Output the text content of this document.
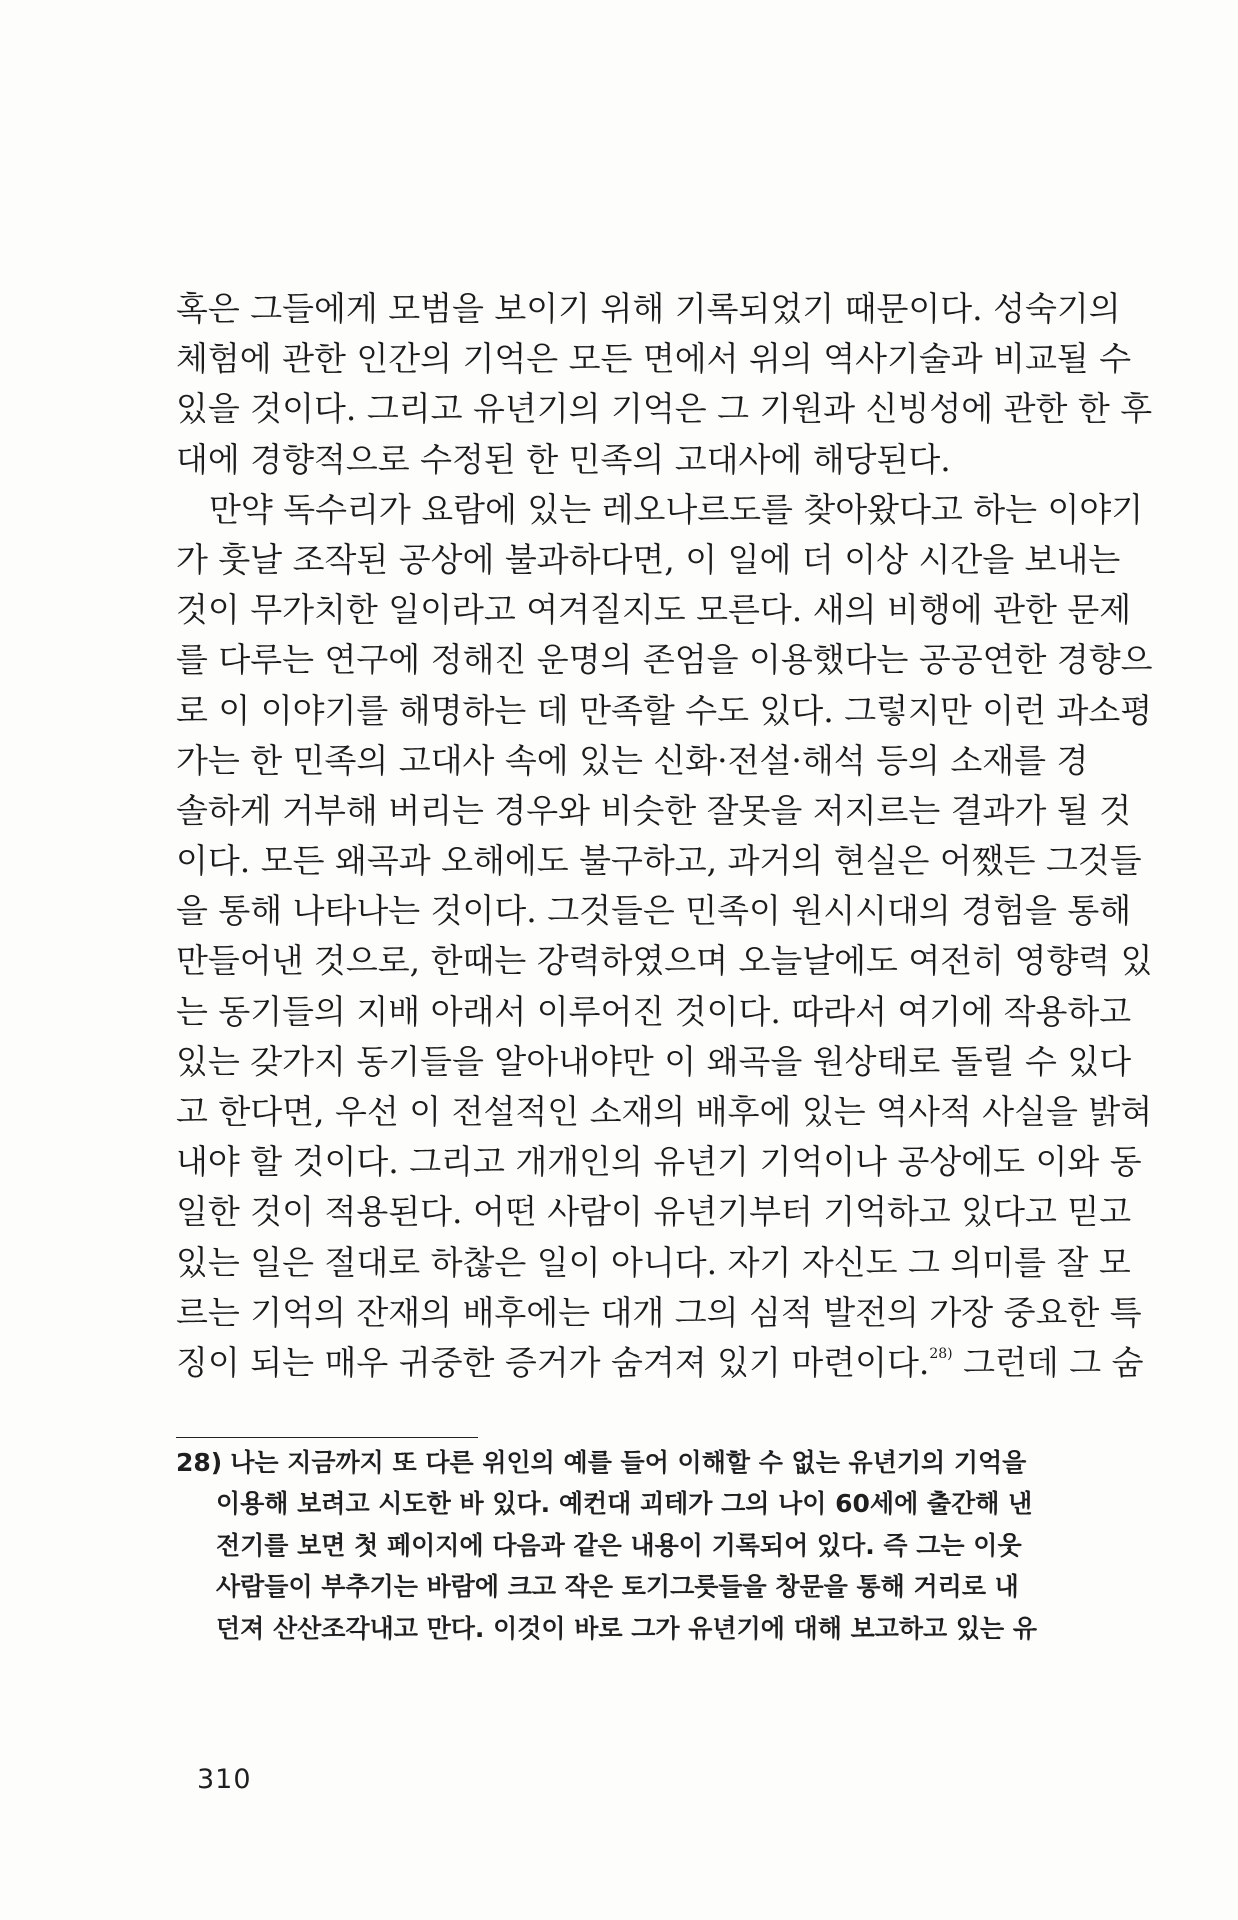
혹은 그들에게 모범을 보이기 위해 기록되었기 때문이다. 성숙기의
체험에 관한 인간의 기억은 모든 면에서 위의 역사기술과 비교될 수
있을 것이다. 그리고 유년기의 기억은 그 기원과 신빙성에 관한 한 후
대에 경향적으로 수정된 한 민족의 고대사에 해당된다.
만약 독수리가 요람에 있는 레오나르도를 찾아왔다고 하는 이야기
가 훗날 조작된 공상에 불과하다면, 이 일에 더 이상 시간을 보내는
것이 무가치한 일이라고 여겨질지도 모른다. 새의 비행에 관한 문제
를 다루는 연구에 정해진 운명의 존엄을 이용했다는 공공연한 경향으
로 이 이야기를 해명하는 데 만족할 수도 있다. 그렇지만 이런 과소평
가는 한 민족의 고대사 속에 있는 신화·전설·해석 등의 소재를 경
솔하게 거부해 버리는 경우와 비슷한 잘못을 저지르는 결과가 될 것
이다. 모든 왜곡과 오해에도 불구하고, 과거의 현실은 어쨌든 그것들
을 통해 나타나는 것이다. 그것들은 민족이 원시시대의 경험을 통해
만들어낸 것으로, 한때는 강력하였으며 오늘날에도 여전히 영향력 있
는 동기들의 지배 아래서 이루어진 것이다. 따라서 여기에 작용하고
있는 갖가지 동기들을 알아내야만 이 왜곡을 원상태로 돌릴 수 있다
고 한다면, 우선 이 전설적인 소재의 배후에 있는 역사적 사실을 밝혀
내야 할 것이다. 그리고 개개인의 유년기 기억이나 공상에도 이와 동
일한 것이 적용된다. 어떤 사람이 유년기부터 기억하고 있다고 믿고
있는 일은 절대로 하찮은 일이 아니다. 자기 자신도 그 의미를 잘 모
르는 기억의 잔재의 배후에는 대개 그의 심적 발전의 가장 중요한 특
징이 되는 매우 귀중한 증거가 숨겨져 있기 마련이다.$^{28)}$ 그런데 그 숨
28) 나는 지금까지 또 다른 위인의 예를 들어 이해할 수 없는 유년기의 기억을
이용해 보려고 시도한 바 있다. 예컨대 괴테가 그의 나이 60세에 출간해 낸
전기를 보면 첫 페이지에 다음과 같은 내용이 기록되어 있다. 즉 그는 이웃
사람들이 부추기는 바람에 크고 작은 토기그릇들을 창문을 통해 거리로 내
던져 산산조각내고 만다. 이것이 바로 그가 유년기에 대해 보고하고 있는 유
310
